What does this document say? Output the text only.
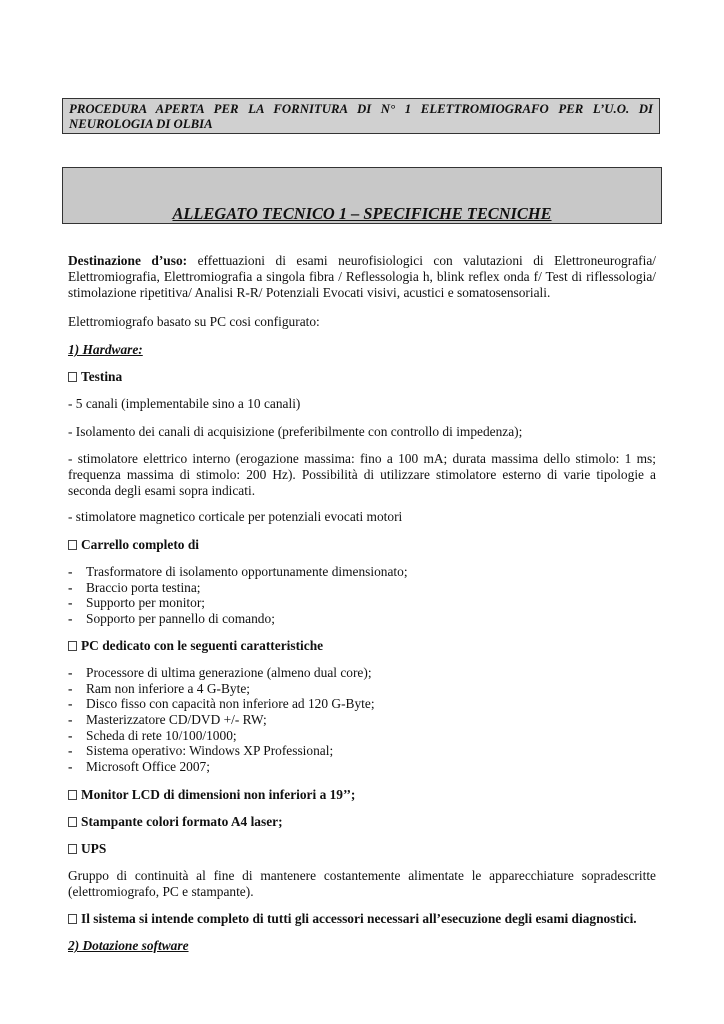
PROCEDURA APERTA PER LA FORNITURA DI N° 1 ELETTROMIOGRAFO PER L’U.O. DI
NEUROLOGIA DI OLBIA
ALLEGATO TECNICO 1 – SPECIFICHE TECNICHE
Destinazione d’uso: effettuazioni di esami neurofisiologici con valutazioni di Elettroneurografia/
Elettromiografia, Elettromiografia a singola fibra / Reflessologia h, blink reflex onda f/ Test di riflessologia/
stimolazione ripetitiva/ Analisi R-R/ Potenziali Evocati visivi, acustici e somatosensoriali.
Elettromiografo basato su PC cosi configurato:
1) Hardware:
Testina
- 5 canali (implementabile sino a 10 canali)
- Isolamento dei canali di acquisizione (preferibilmente con controllo di impedenza);
- stimolatore elettrico interno (erogazione massima: fino a 100 mA; durata massima dello stimolo: 1 ms;
frequenza massima di stimolo: 200 Hz). Possibilità di utilizzare stimolatore esterno di varie tipologie a
seconda degli esami sopra indicati.
- stimolatore magnetico corticale per potenziali evocati motori
Carrello completo di
- Trasformatore di isolamento opportunamente dimensionato;
- Braccio porta testina;
- Supporto per monitor;
- Sopporto per pannello di comando;
PC dedicato con le seguenti caratteristiche
- Processore di ultima generazione (almeno dual core);
- Ram non inferiore a 4 G-Byte;
- Disco fisso con capacità non inferiore ad 120 G-Byte;
- Masterizzatore CD/DVD +/- RW;
- Scheda di rete 10/100/1000;
- Sistema operativo: Windows XP Professional;
- Microsoft Office 2007;
Monitor LCD di dimensioni non inferiori a 19’’;
Stampante colori formato A4 laser;
UPS
Gruppo di continuità al fine di mantenere costantemente alimentate le apparecchiature sopradescritte
(elettromiografo, PC e stampante).
Il sistema si intende completo di tutti gli accessori necessari all’esecuzione degli esami diagnostici.
2) Dotazione software
